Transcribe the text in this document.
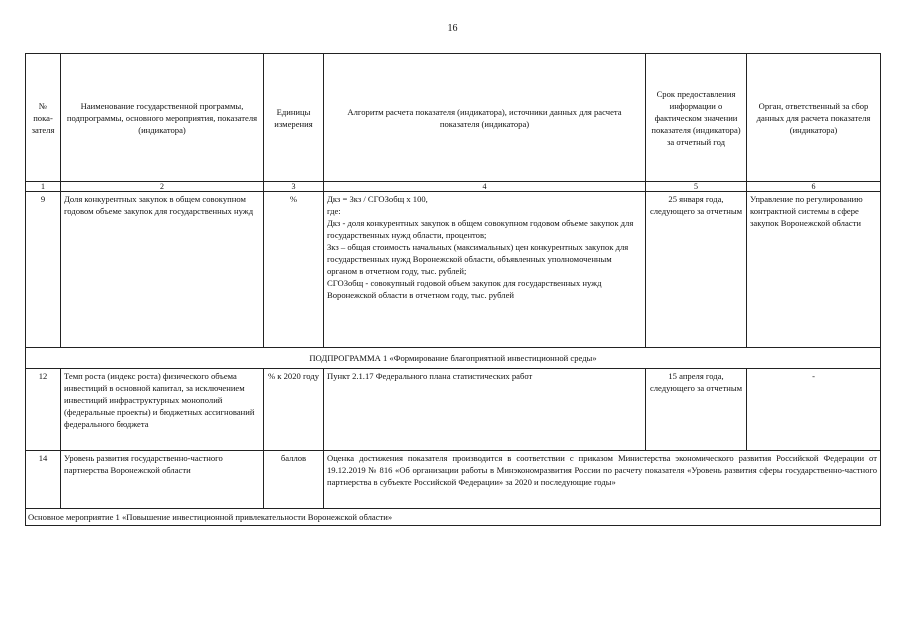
16
№ пока-зателя	Наименование государственной программы, подпрограммы, основного мероприятия, показателя (индикатора)	Единицы измерения	Алгоритм расчета показателя (индикатора), источники данных для расчета показателя (индикатора)	Срок предоставления информации о фактическом значении показателя (индикатора) за отчетный год	Орган, ответственный за сбор данных для расчета показателя (индикатора)
1	2	3	4	5	6
9	Доля конкурентных закупок в общем совокупном годовом объеме закупок для государственных нужд	%	Дкз = Зкз / СГОЗобщ х 100,
где:
Дкз - доля конкурентных закупок в общем совокупном годовом объеме закупок для государственных нужд области, процентов;
Зкз – общая стоимость начальных (максимальных) цен конкурентных закупок для государственных нужд Воронежской области, объявленных уполномоченным органом в отчетном году, тыс. рублей;
СГОЗобщ - совокупный годовой объем закупок для государственных нужд Воронежской области в отчетном году, тыс. рублей	25 января года, следующего за отчетным	Управление по регулированию контрактной системы в сфере закупок Воронежской области
ПОДПРОГРАММА 1 «Формирование благоприятной инвестиционной среды»					
12	Темп роста (индекс роста) физического объема инвестиций в основной капитал, за исключением инвестиций инфраструктурных монополий (федеральные проекты) и бюджетных ассигнований федерального бюджета	% к 2020 году	Пункт 2.1.17 Федерального плана статистических работ	15 апреля года, следующего за отчетным	-
14	Уровень развития государственно-частного партнерства Воронежской области	баллов	Оценка достижения показателя производится в соответствии с приказом Министерства экономического развития Российской Федерации от 19.12.2019 № 816 «Об организации работы в Минэкономразвития России по расчету показателя «Уровень развития сферы государственно-частного партнерства в субъекте Российской Федерации» за 2020 и последующие годы»		
Основное мероприятие 1 «Повышение инвестиционной привлекательности Воронежской области»					
